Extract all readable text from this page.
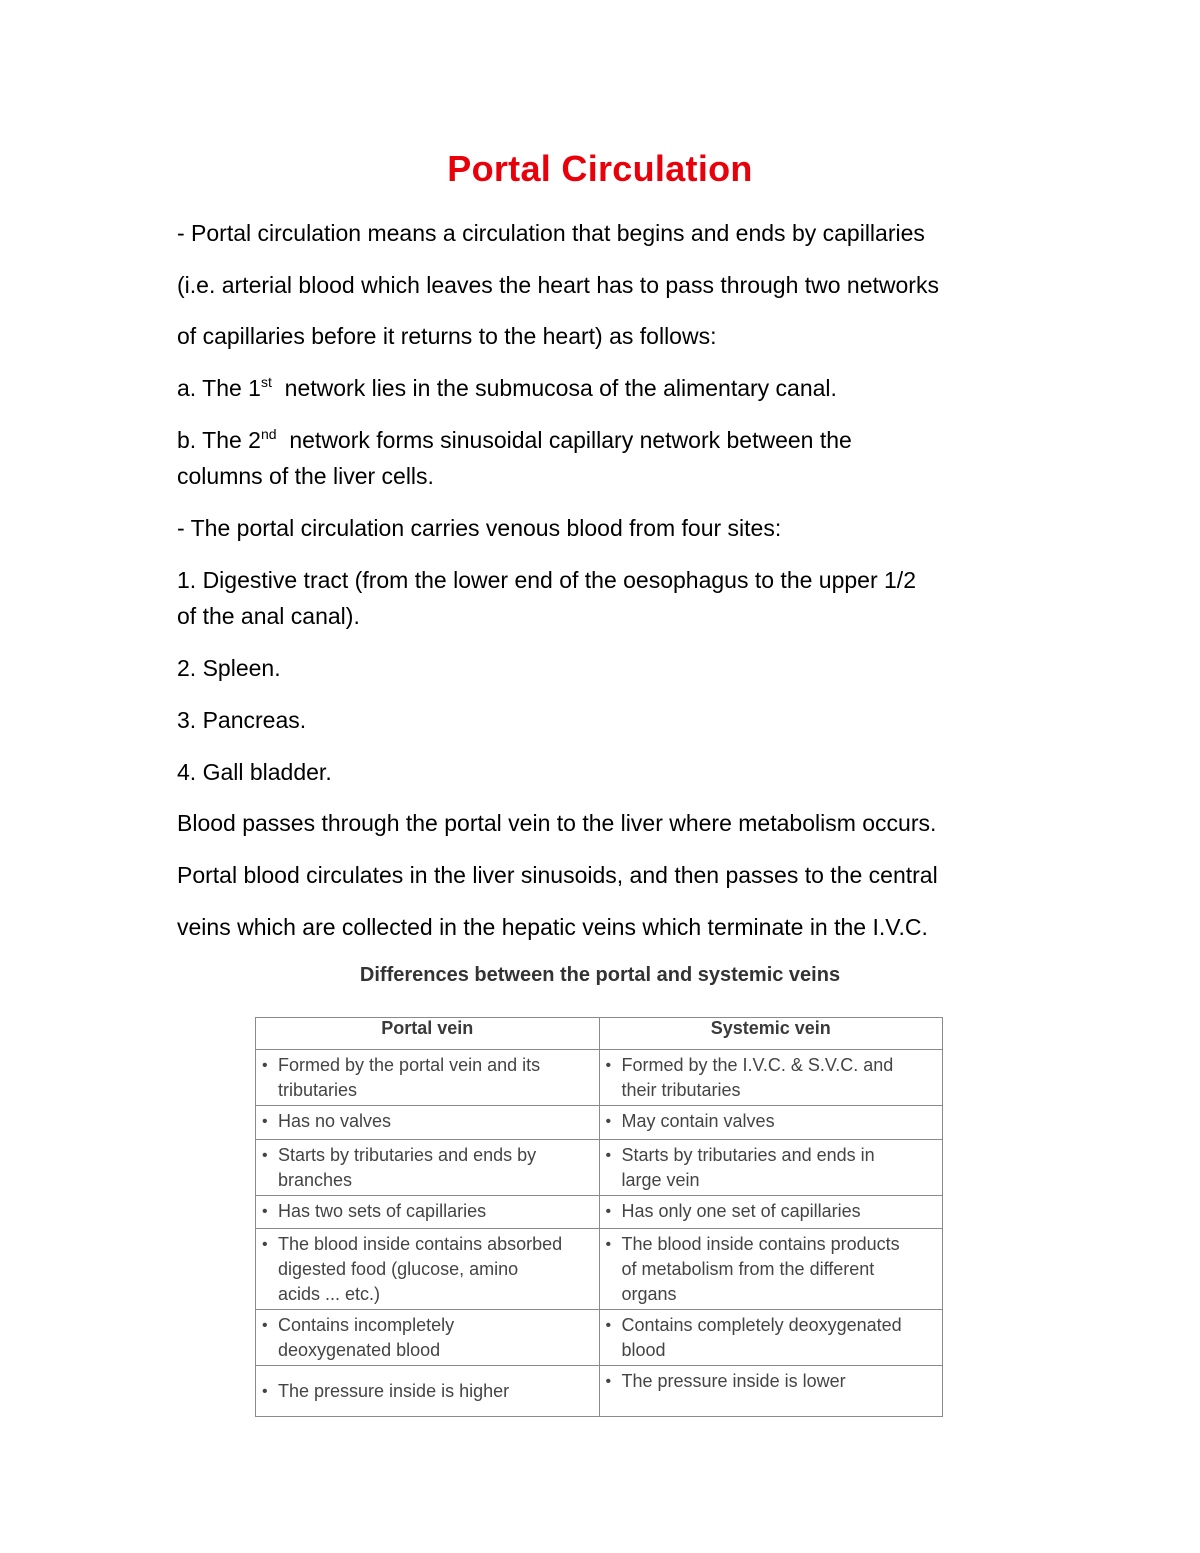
Portal Circulation
- Portal circulation means a circulation that begins and ends by capillaries
(i.e. arterial blood which leaves the heart has to pass through two networks
of capillaries before it returns to the heart) as follows:
a. The 1st  network lies in the submucosa of the alimentary canal.
b. The 2nd  network forms sinusoidal capillary network between the
columns of the liver cells.
- The portal circulation carries venous blood from four sites:
1. Digestive tract (from the lower end of the oesophagus to the upper 1/2
of the anal canal).
2. Spleen.
3. Pancreas.
4. Gall bladder.
Blood passes through the portal vein to the liver where metabolism occurs.
Portal blood circulates in the liver sinusoids, and then passes to the central
veins which are collected in the hepatic veins which terminate in the I.V.C.
Differences between the portal and systemic veins
Portal vein	Systemic vein

• Formed by the portal vein and its
tributaries	• Formed by the I.V.C. & S.V.C. and
their tributaries

• Has no valves	• May contain valves

• Starts by tributaries and ends by
branches	• Starts by tributaries and ends in
large vein

• Has two sets of capillaries	• Has only one set of capillaries

• The blood inside contains absorbed
digested food (glucose, amino
acids ... etc.)	• The blood inside contains products
of metabolism from the different
organs

• Contains incompletely
deoxygenated blood	• Contains completely deoxygenated
blood

• The pressure inside is higher	• The pressure inside is lower
